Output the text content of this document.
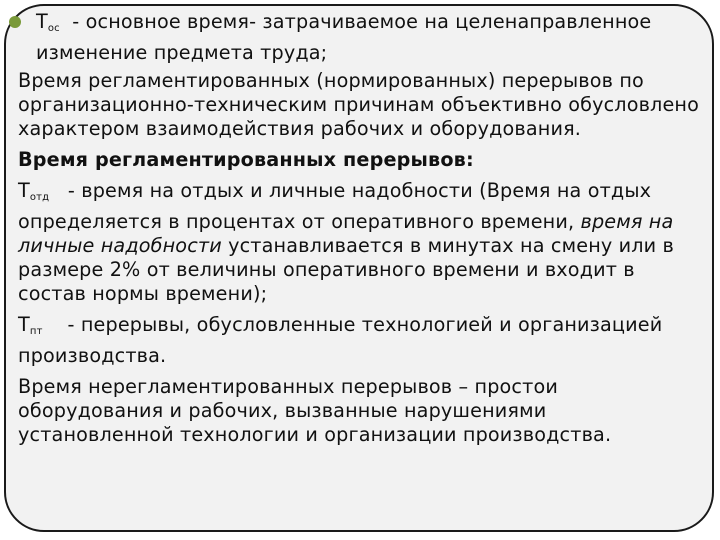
$Т_{ос}$  - основное время- затрачиваемое на целенаправленное изменение предмета труда;

Время регламентированных (нормированных) перерывов по организационно-техническим причинам объективно обусловлено характером взаимодействия рабочих и оборудования.

Время регламентированных перерывов:

$Т_{отд}$   - время на отдых и личные надобности (Время на отдых определяется в процентах от оперативного времени, время на личные надобности устанавливается в минутах на смену или в размере 2% от величины оперативного времени и входит в состав нормы времени);

$Т_{пт}$    - перерывы, обусловленные технологией и организацией производства.

Время нерегламентированных перерывов – простои оборудования и рабочих, вызванные нарушениями установленной технологии и организации производства.
